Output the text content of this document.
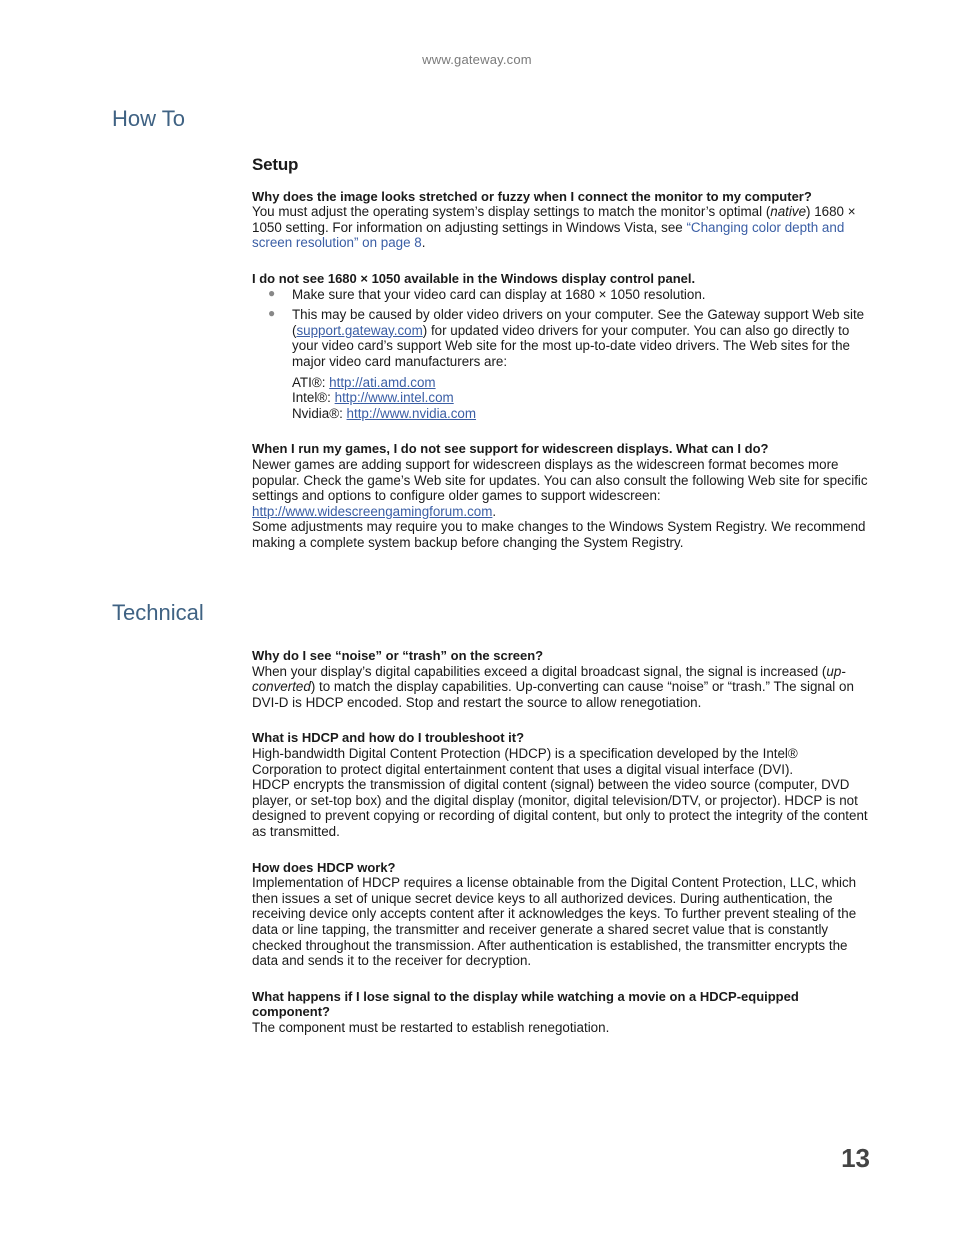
www.gateway.com
How To

Setup

Why does the image looks stretched or fuzzy when I connect the monitor to my computer?

You must adjust the operating system’s display settings to match the monitor’s optimal (native) 1680 × 1050 setting. For information on adjusting settings in Windows Vista, see “Changing color depth and screen resolution” on page 8.

I do not see 1680 × 1050 available in the Windows display control panel.

● Make sure that your video card can display at 1680 × 1050 resolution.
● This may be caused by older video drivers on your computer. See the Gateway support Web site (support.gateway.com) for updated video drivers for your computer. You can also go directly to your video card’s support Web site for the most up-to-date video drivers. The Web sites for the major video card manufacturers are:
ATI®: http://ati.amd.com
Intel®: http://www.intel.com
Nvidia®: http://www.nvidia.com

When I run my games, I do not see support for widescreen displays. What can I do?

Newer games are adding support for widescreen displays as the widescreen format becomes more popular. Check the game’s Web site for updates. You can also consult the following Web site for specific settings and options to configure older games to support widescreen: http://www.widescreengamingforum.com.

Some adjustments may require you to make changes to the Windows System Registry. We recommend making a complete system backup before changing the System Registry.

Technical

Why do I see “noise” or “trash” on the screen?

When your display’s digital capabilities exceed a digital broadcast signal, the signal is increased (up-converted) to match the display capabilities. Up-converting can cause “noise” or “trash.” The signal on DVI-D is HDCP encoded. Stop and restart the source to allow renegotiation.

What is HDCP and how do I troubleshoot it?

High-bandwidth Digital Content Protection (HDCP) is a specification developed by the Intel® Corporation to protect digital entertainment content that uses a digital visual interface (DVI).

HDCP encrypts the transmission of digital content (signal) between the video source (computer, DVD player, or set-top box) and the digital display (monitor, digital television/DTV, or projector). HDCP is not designed to prevent copying or recording of digital content, but only to protect the integrity of the content as transmitted.

How does HDCP work?

Implementation of HDCP requires a license obtainable from the Digital Content Protection, LLC, which then issues a set of unique secret device keys to all authorized devices. During authentication, the receiving device only accepts content after it acknowledges the keys. To further prevent stealing of the data or line tapping, the transmitter and receiver generate a shared secret value that is constantly checked throughout the transmission. After authentication is established, the transmitter encrypts the data and sends it to the receiver for decryption.

What happens if I lose signal to the display while watching a movie on a HDCP-equipped component?

The component must be restarted to establish renegotiation.

13
